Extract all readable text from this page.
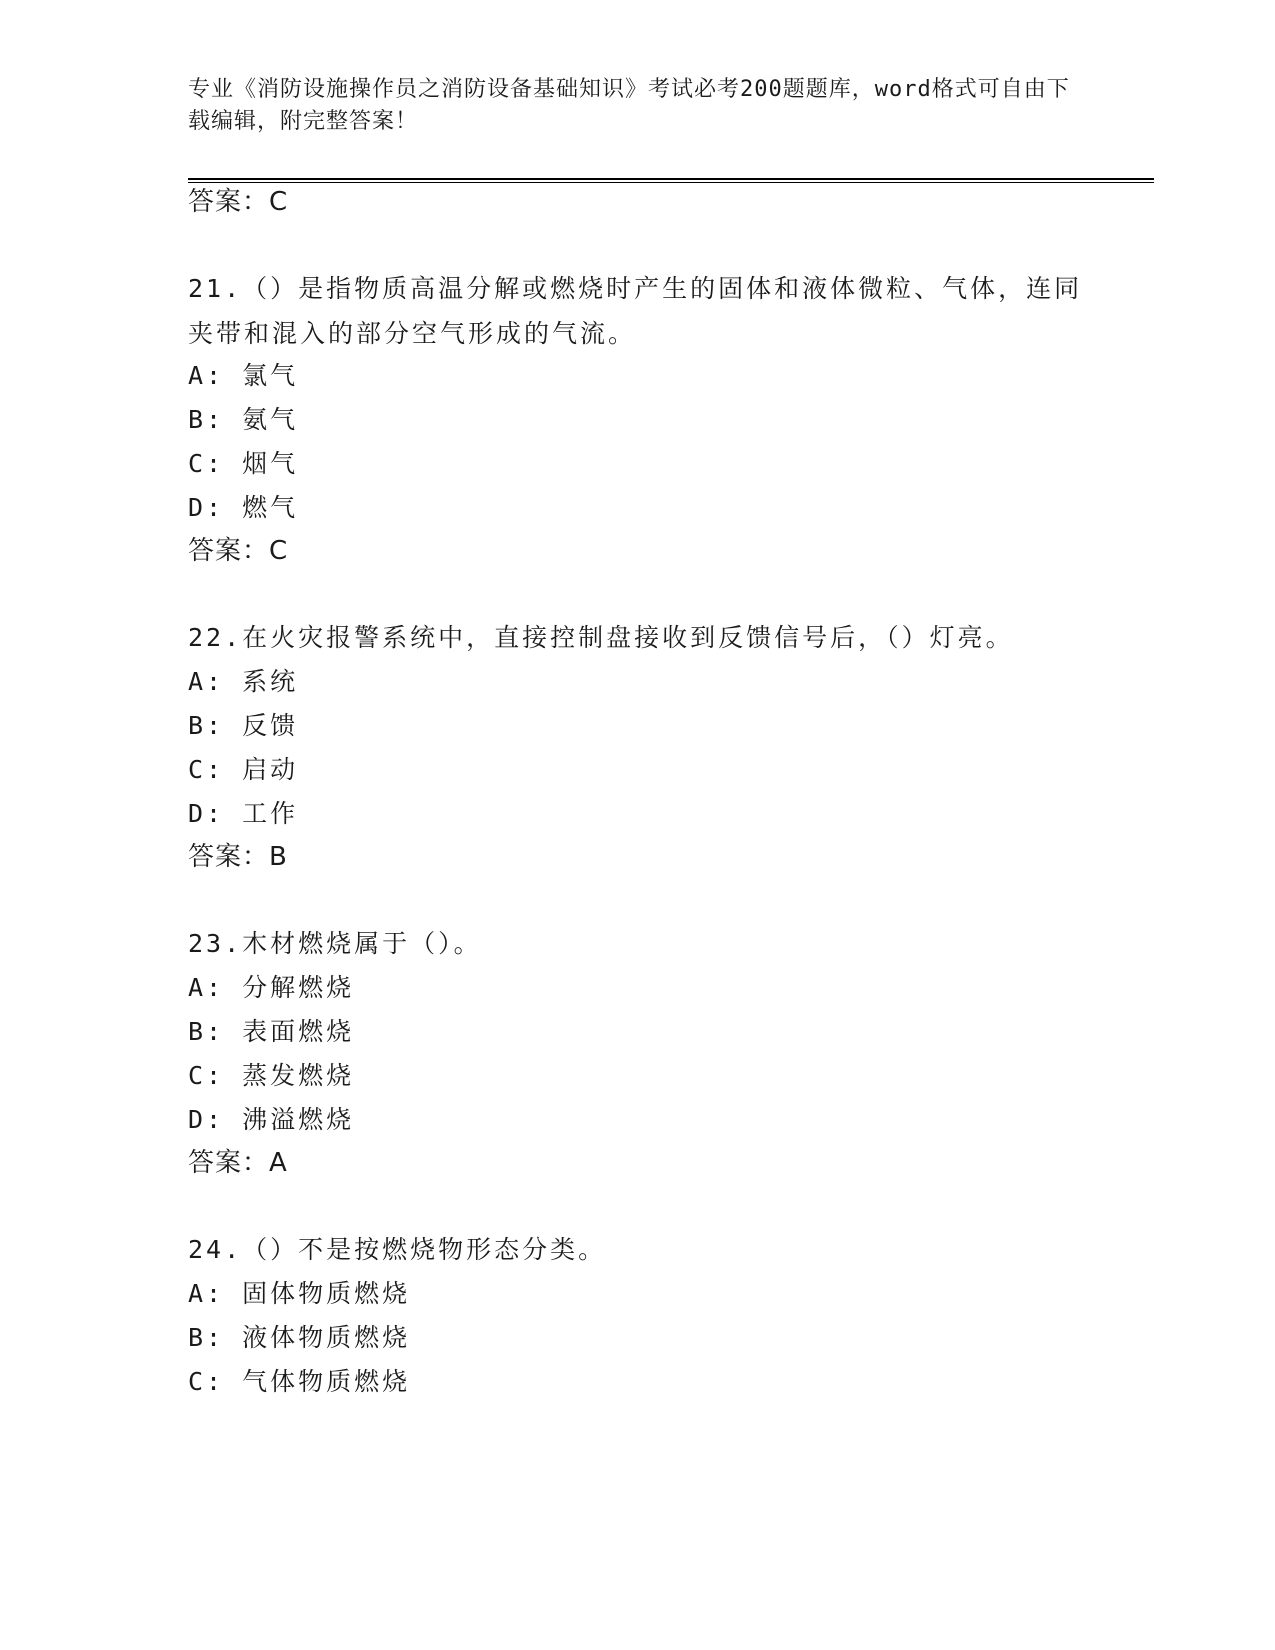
专业《消防设施操作员之消防设备基础知识》考试必考200题题库，word格式可自由下载编辑，附完整答案！
答案：C
21.（）是指物质高温分解或燃烧时产生的固体和液体微粒、气体，连同夹带和混入的部分空气形成的气流。
A: 氯气
B: 氨气
C: 烟气
D: 燃气
答案：C
22.在火灾报警系统中，直接控制盘接收到反馈信号后，（）灯亮。
A: 系统
B: 反馈
C: 启动
D: 工作
答案：B
23.木材燃烧属于（）。
A: 分解燃烧
B: 表面燃烧
C: 蒸发燃烧
D: 沸溢燃烧
答案：A
24.（）不是按燃烧物形态分类。
A: 固体物质燃烧
B: 液体物质燃烧
C: 气体物质燃烧
